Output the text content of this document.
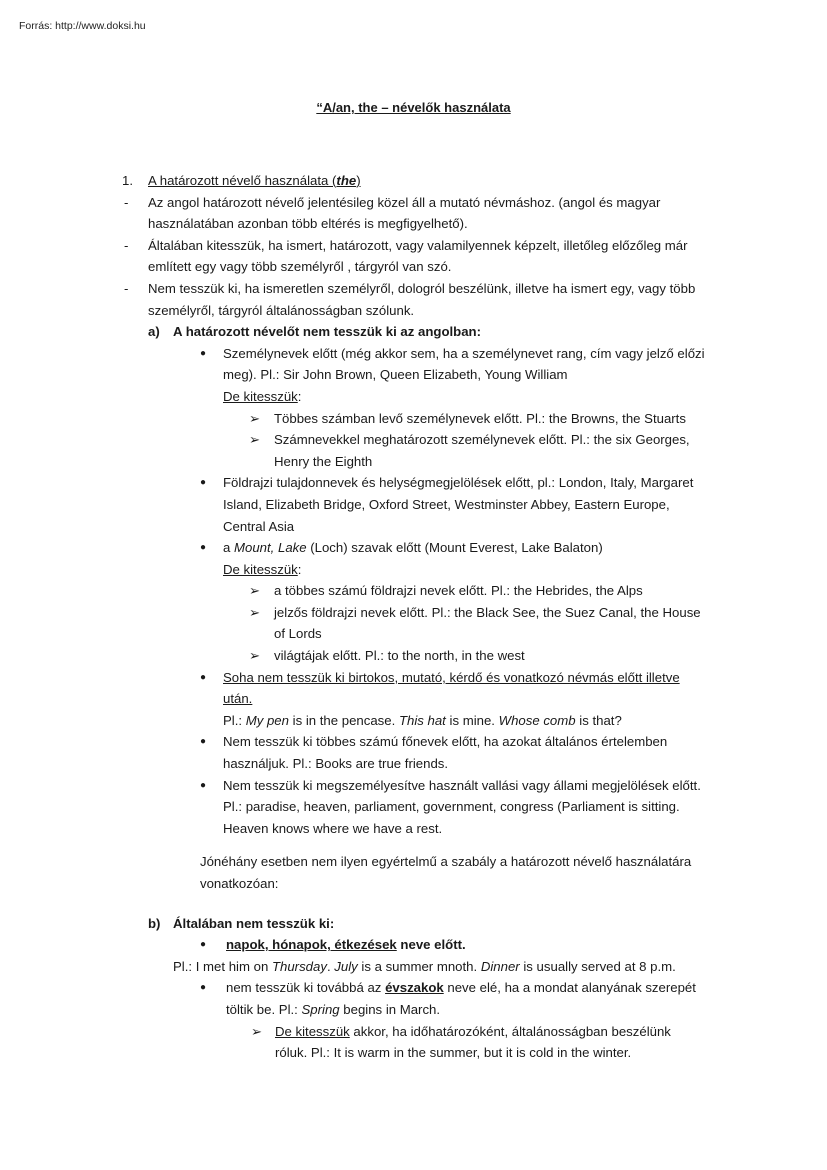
Forrás: http://www.doksi.hu
“A/an, the – névelők használata
1. A határozott névelő használata (the)
- Az angol határozott névelő jelentésileg közel áll a mutató névmáshoz. (angol és magyar
használatában azonban több eltérés is megfigyelhető).
- Általában kitesszük, ha ismert, határozott, vagy valamilyennek képzelt, illetőleg előzőleg már
említett egy vagy több személyről , tárgyról van szó.
- Nem tesszük ki, ha ismeretlen személyről, dologról beszélünk, illetve ha ismert egy, vagy több
személyről, tárgyról általánosságban szólunk.
a) A határozott névelőt nem tesszük ki az angolban:
● Személynevek előtt (még akkor sem, ha a személynevet rang, cím vagy jelző előzi
meg). Pl.: Sir John Brown, Queen Elizabeth, Young William
De kitesszük:
➢ Többes számban levő személynevek előtt. Pl.: the Browns, the Stuarts
➢ Számnevekkel meghatározott személynevek előtt. Pl.: the six Georges,
Henry the Eighth
● Földrajzi tulajdonnevek és helységmegjelölések előtt, pl.: London, Italy, Margaret
Island, Elizabeth Bridge, Oxford Street, Westminster Abbey, Eastern Europe,
Central Asia
● a Mount, Lake (Loch) szavak előtt (Mount Everest, Lake Balaton)
De kitesszük:
➢ a többes számú földrajzi nevek előtt. Pl.: the Hebrides, the Alps
➢ jelzős földrajzi nevek előtt. Pl.: the Black See, the Suez Canal, the House
of Lords
➢ világtájak előtt. Pl.: to the north, in the west
● Soha nem tesszük ki birtokos, mutató, kérdő és vonatkozó névmás előtt illetve
után.
Pl.: My pen is in the pencase. This hat is mine. Whose comb is that?
● Nem tesszük ki többes számú főnevek előtt, ha azokat általános értelemben
használjuk. Pl.: Books are true friends.
● Nem tesszük ki megszemélyesítve használt vallási vagy állami megjelölések előtt.
Pl.: paradise, heaven, parliament, government, congress (Parliament is sitting.
Heaven knows where we have a rest.
Jónéhány esetben nem ilyen egyértelmű a szabály a határozott névelő használatára
vonatkozóan:
b) Általában nem tesszük ki:
● napok, hónapok, étkezések neve előtt.
Pl.: I met him on Thursday. July is a summer mnoth. Dinner is usually served at 8 p.m.
● nem tesszük ki továbbá az évszakok neve elé, ha a mondat alanyának szerepét
töltik be. Pl.: Spring begins in March.
➢ De kitesszük akkor, ha időhatározóként, általánosságban beszélünk
róluk. Pl.: It is warm in the summer, but it is cold in the winter.
